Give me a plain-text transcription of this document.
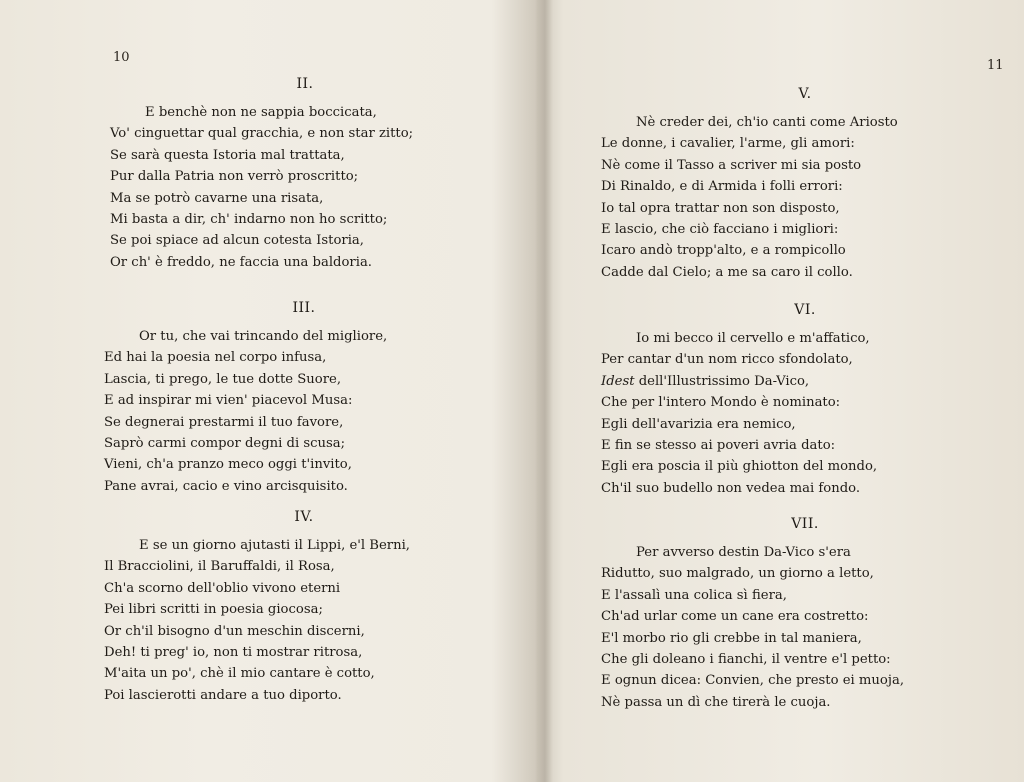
10
II.
E benchè non ne sappia boccicata,
Vo' cinguettar qual gracchia, e non star zitto;
Se sarà questa Istoria mal trattata,
Pur dalla Patria non verrò proscritto;
Ma se potrò cavarne una risata,
Mi basta a dir, ch' indarno non ho scritto;
Se poi spiace ad alcun cotesta Istoria,
Or ch' è freddo, ne faccia una baldoria.
III.
Or tu, che vai trincando del migliore,
Ed hai la poesia nel corpo infusa,
Lascia, ti prego, le tue dotte Suore,
E ad inspirar mi vien' piacevol Musa:
Se degnerai prestarmi il tuo favore,
Saprò carmi compor degni di scusa;
Vieni, ch'a pranzo meco oggi t'invito,
Pane avrai, cacio e vino arcisquisito.
IV.
E se un giorno ajutasti il Lippi, e'l Berni,
Il Bracciolini, il Baruffaldi, il Rosa,
Ch'a scorno dell'oblio vivono eterni
Pei libri scritti in poesia giocosa;
Or ch'il bisogno d'un meschin discerni,
Deh! ti preg' io, non ti mostrar ritrosa,
M'aita un po', chè il mio cantare è cotto,
Poi lascierotti andare a tuo diporto.
11
V.
Nè creder dei, ch'io canti come Ariosto
Le donne, i cavalier, l'arme, gli amori:
Nè come il Tasso a scriver mi sia posto
Di Rinaldo, e di Armida i folli errori:
Io tal opra trattar non son disposto,
E lascio, che ciò facciano i migliori:
Icaro andò tropp'alto, e a rompicollo
Cadde dal Cielo; a me sa caro il collo.
VI.
Io mi becco il cervello e m'affatico,
Per cantar d'un nom ricco sfondolato,
Idest dell'Illustrissimo Da-Vico,
Che per l'intero Mondo è nominato:
Egli dell'avarizia era nemico,
E fin se stesso ai poveri avria dato:
Egli era poscia il più ghiotton del mondo,
Ch'il suo budello non vedea mai fondo.
VII.
Per avverso destin Da-Vico s'era
Ridutto, suo malgrado, un giorno a letto,
E l'assalì una colica sì fiera,
Ch'ad urlar come un cane era costretto:
E'l morbo rio gli crebbe in tal maniera,
Che gli doleano i fianchi, il ventre e'l petto:
E ognun dicea: Convien, che presto ei muoja,
Nè passa un dì che tirerà le cuoja.
